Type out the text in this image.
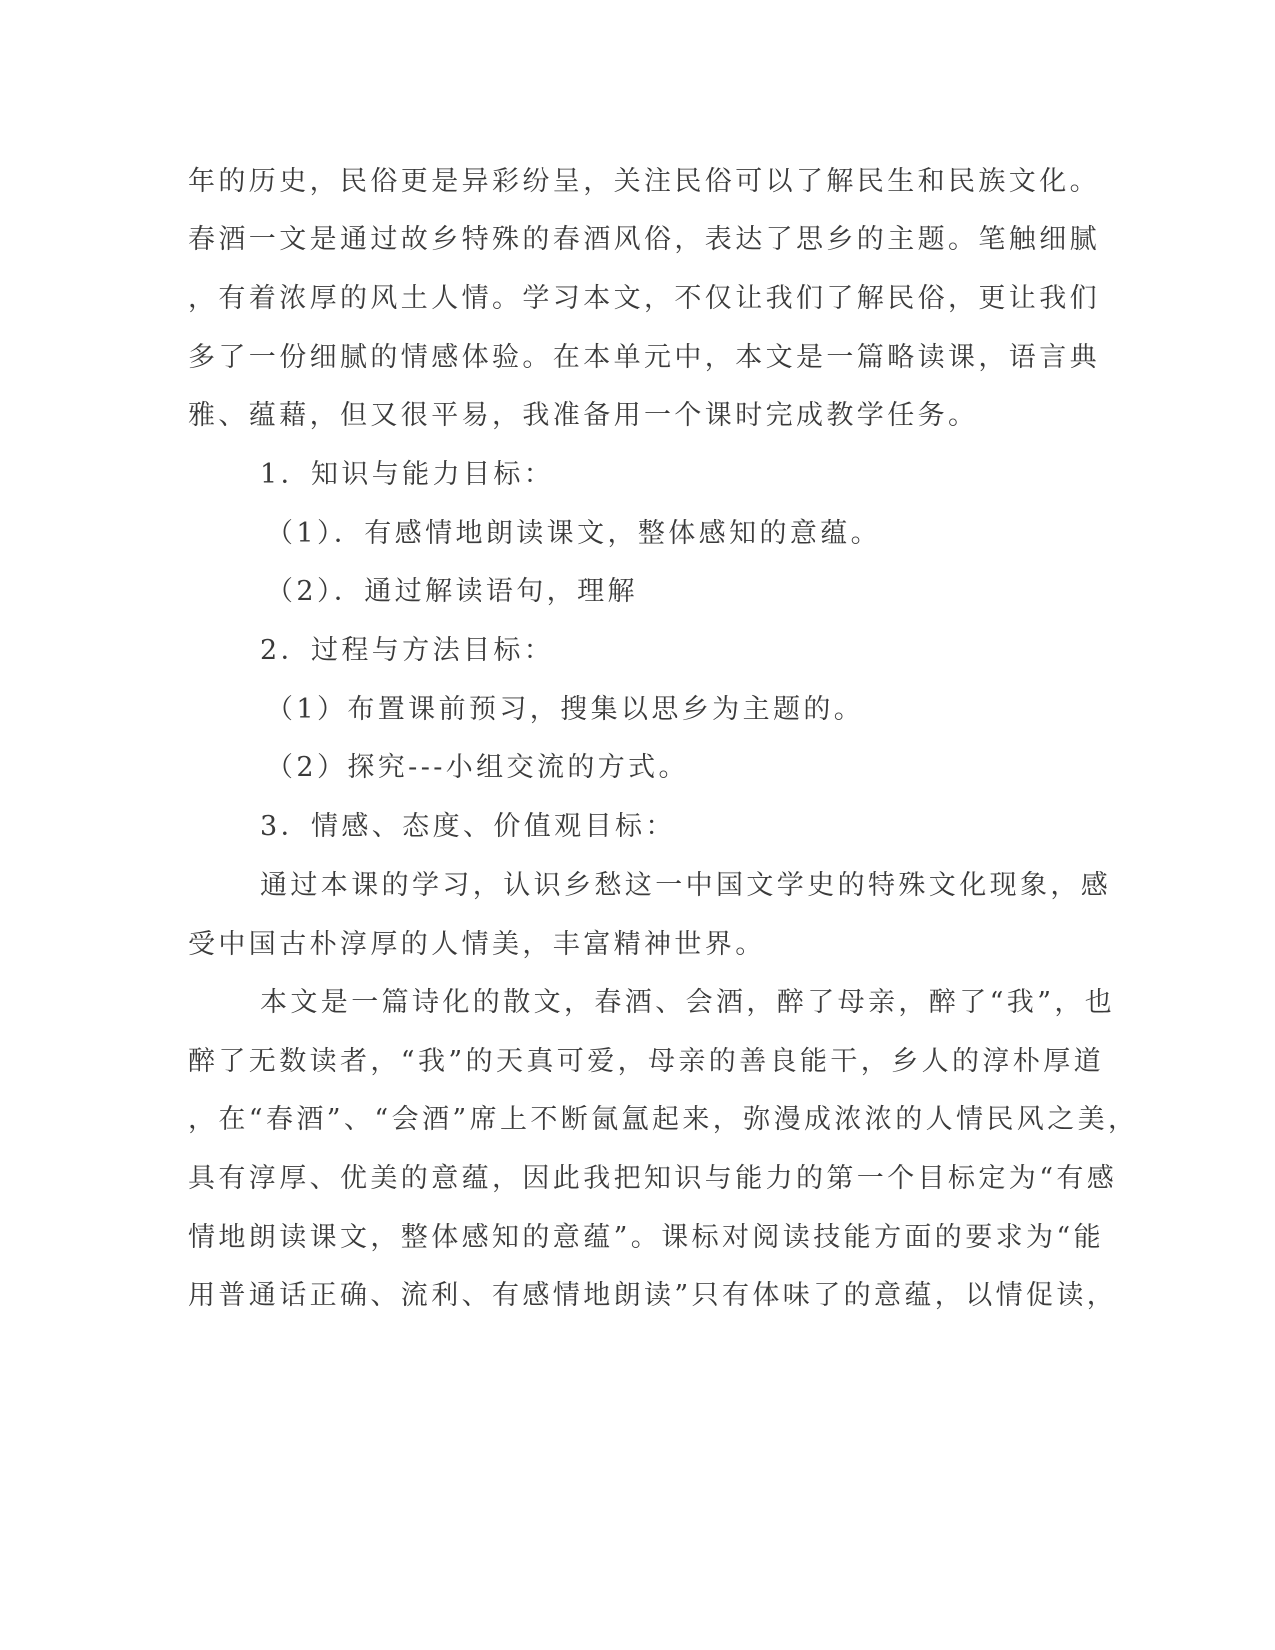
年的历史，民俗更是异彩纷呈，关注民俗可以了解民生和民族文化。
春酒一文是通过故乡特殊的春酒风俗，表达了思乡的主题。笔触细腻
，有着浓厚的风土人情。学习本文，不仅让我们了解民俗，更让我们
多了一份细腻的情感体验。在本单元中，本文是一篇略读课，语言典
雅、蕴藉，但又很平易，我准备用一个课时完成教学任务。
1．知识与能力目标：
（1）．有感情地朗读课文，整体感知的意蕴。
（2）．通过解读语句，理解
2．过程与方法目标：
（1）布置课前预习，搜集以思乡为主题的。
（2）探究---小组交流的方式。
3．情感、态度、价值观目标：
通过本课的学习，认识乡愁这一中国文学史的特殊文化现象，感
受中国古朴淳厚的人情美，丰富精神世界。
本文是一篇诗化的散文，春酒、会酒，醉了母亲，醉了“我”，也
醉了无数读者，“我”的天真可爱，母亲的善良能干，乡人的淳朴厚道
，在“春酒”、“会酒”席上不断氤氲起来，弥漫成浓浓的人情民风之美，
具有淳厚、优美的意蕴，因此我把知识与能力的第一个目标定为“有感
情地朗读课文，整体感知的意蕴”。课标对阅读技能方面的要求为“能
用普通话正确、流利、有感情地朗读”只有体味了的意蕴，以情促读，
